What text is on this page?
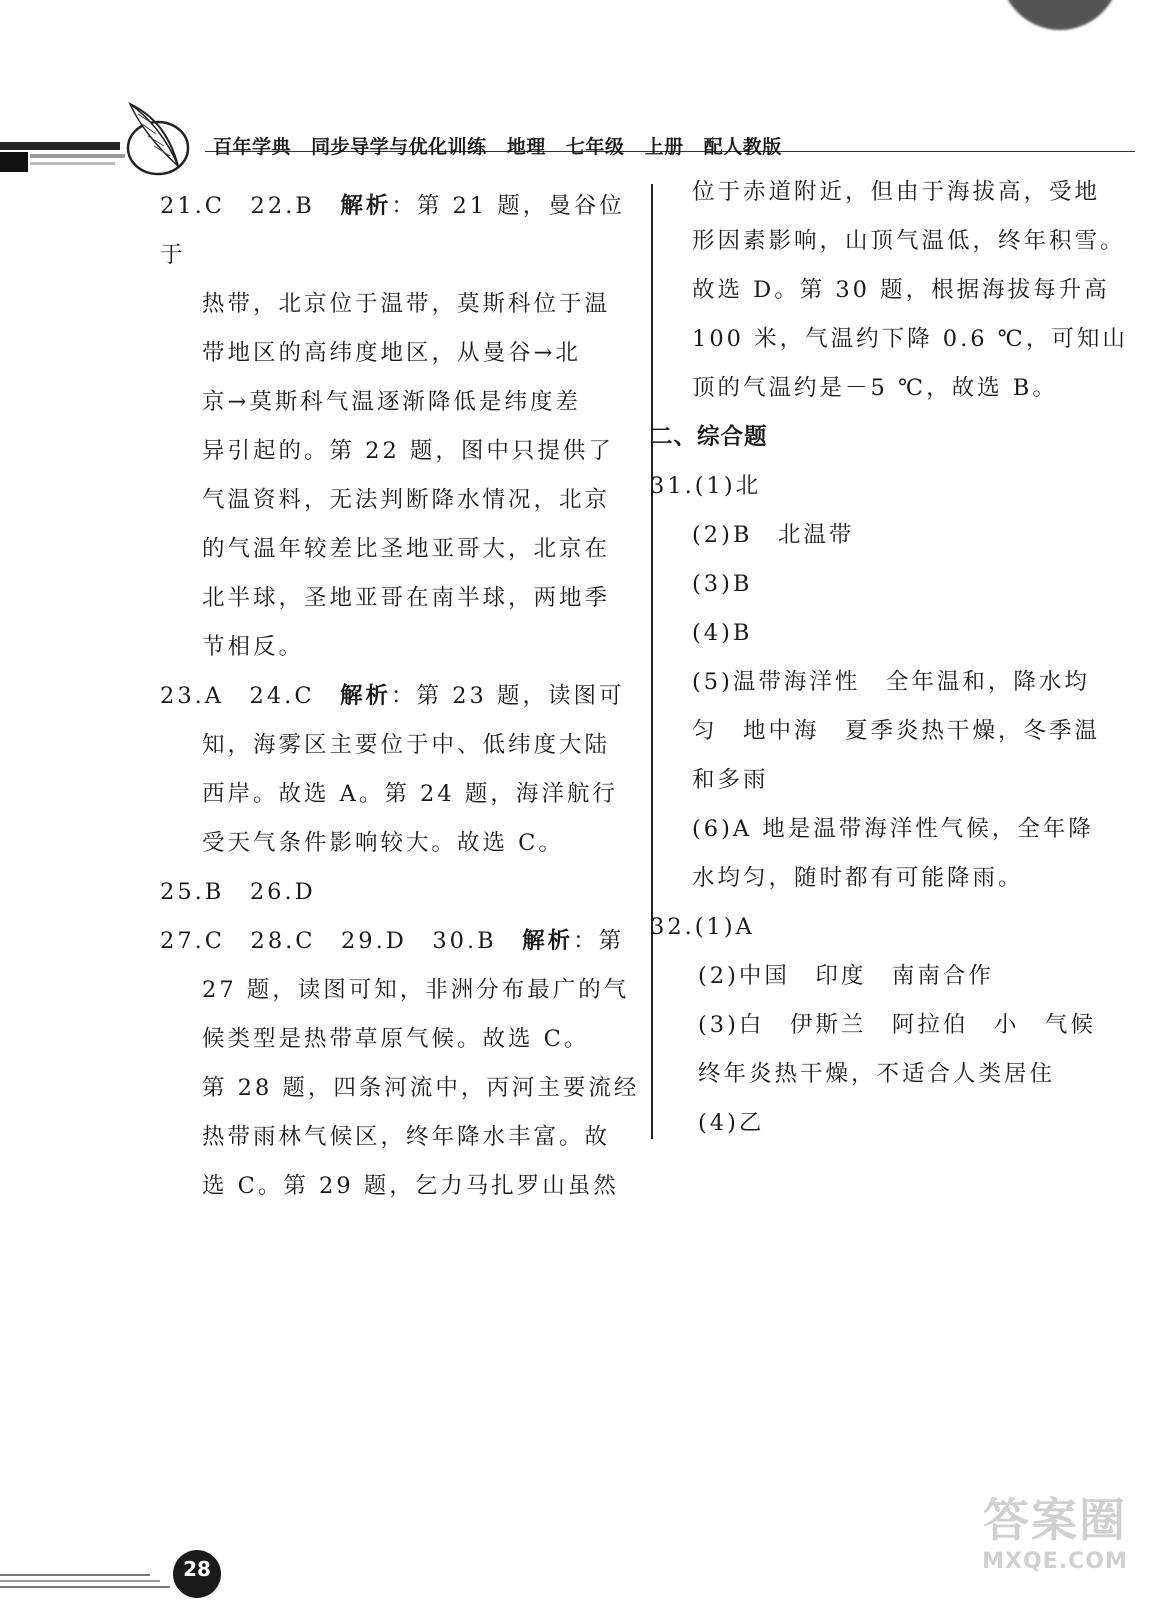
百年学典 同步导学与优化训练 地理 七年级 上册 配人教版

21.C　22.B　解析：第 21 题，曼谷位于

热带，北京位于温带，莫斯科位于温

带地区的高纬度地区，从曼谷→北

京→莫斯科气温逐渐降低是纬度差

异引起的。第 22 题，图中只提供了

气温资料，无法判断降水情况，北京

的气温年较差比圣地亚哥大，北京在

北半球，圣地亚哥在南半球，两地季

节相反。

23.A　24.C　解析：第 23 题，读图可

知，海雾区主要位于中、低纬度大陆

西岸。故选 A。第 24 题，海洋航行

受天气条件影响较大。故选 C。

25.B　26.D

27.C　28.C　29.D　30.B　解析：第

27 题，读图可知，非洲分布最广的气

候类型是热带草原气候。故选 C。

第 28 题，四条河流中，丙河主要流经

热带雨林气候区，终年降水丰富。故

选 C。第 29 题，乞力马扎罗山虽然

位于赤道附近，但由于海拔高，受地

形因素影响，山顶气温低，终年积雪。

故选 D。第 30 题，根据海拔每升高

100 米，气温约下降 0.6 ℃，可知山

顶的气温约是－5 ℃，故选 B。

二、综合题

31.(1)北

(2)B　北温带

(3)B

(4)B

(5)温带海洋性　全年温和，降水均

匀　地中海　夏季炎热干燥，冬季温

和多雨

(6)A 地是温带海洋性气候，全年降

水均匀，随时都有可能降雨。

32.(1)A

(2)中国　印度　南南合作

(3)白　伊斯兰　阿拉伯　小　气候

终年炎热干燥，不适合人类居住

(4)乙

28
答案圈
MXQE.COM
